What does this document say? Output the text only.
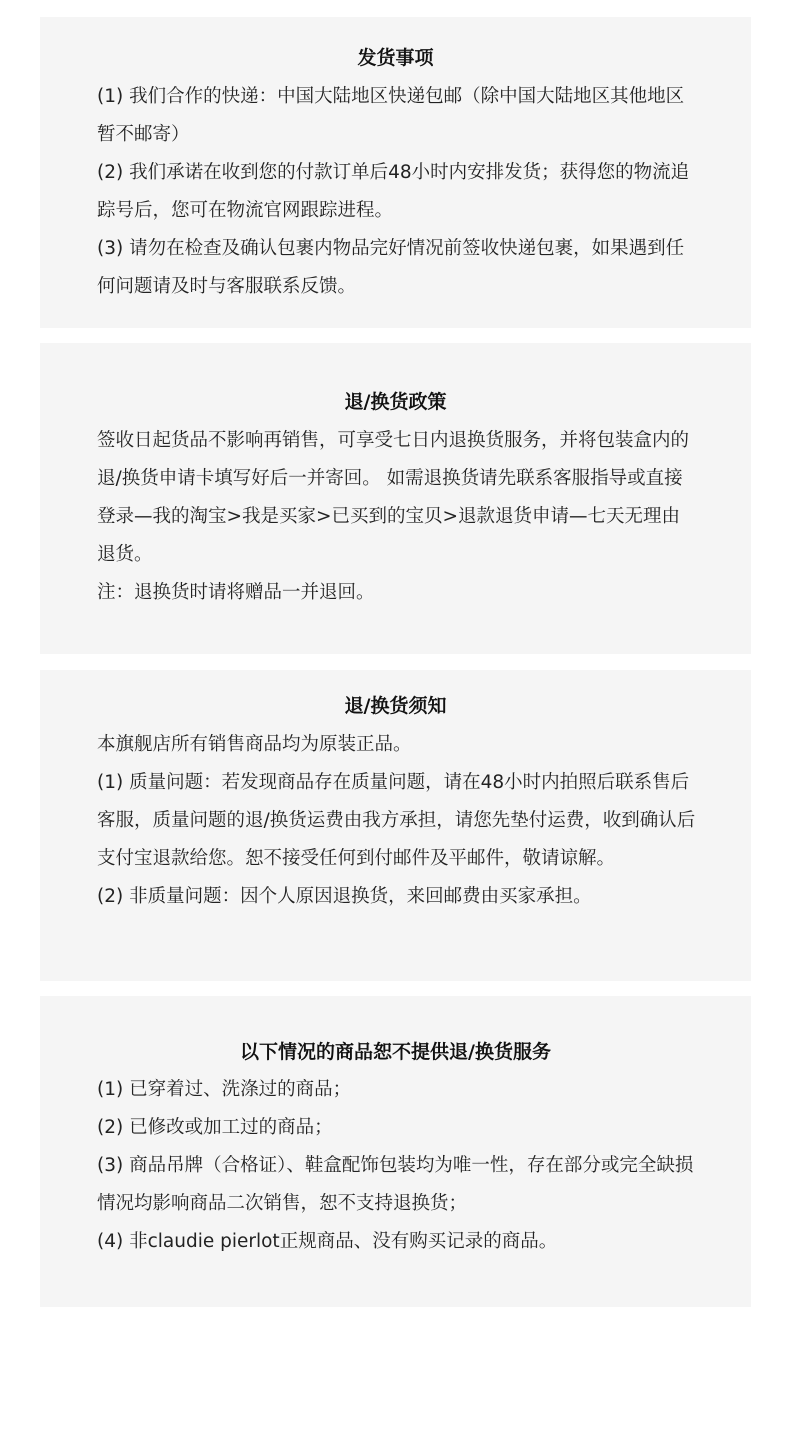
发货事项

(1) 我们合作的快递：中国大陆地区快递包邮（除中国大陆地区其他地区暂不邮寄）

(2) 我们承诺在收到您的付款订单后48小时内安排发货；获得您的物流追踪号后，您可在物流官网跟踪进程。

(3) 请勿在检查及确认包裹内物品完好情况前签收快递包裹，如果遇到任何问题请及时与客服联系反馈。

退/换货政策

签收日起货品不影响再销售，可享受七日内退换货服务，并将包装盒内的退/换货申请卡填写好后一并寄回。 如需退换货请先联系客服指导或直接登录—我的淘宝>我是买家>已买到的宝贝>退款退货申请—七天无理由退货。

注：退换货时请将赠品一并退回。

退/换货须知

本旗舰店所有销售商品均为原装正品。

(1) 质量问题：若发现商品存在质量问题，请在48小时内拍照后联系售后客服，质量问题的退/换货运费由我方承担，请您先垫付运费，收到确认后支付宝退款给您。恕不接受任何到付邮件及平邮件，敬请谅解。

(2) 非质量问题：因个人原因退换货，来回邮费由买家承担。

以下情况的商品恕不提供退/换货服务

(1) 已穿着过、洗涤过的商品；

(2) 已修改或加工过的商品；

(3) 商品吊牌（合格证）、鞋盒配饰包装均为唯一性，存在部分或完全缺损情况均影响商品二次销售，恕不支持退换货；

(4) 非claudie pierlot正规商品、没有购买记录的商品。
